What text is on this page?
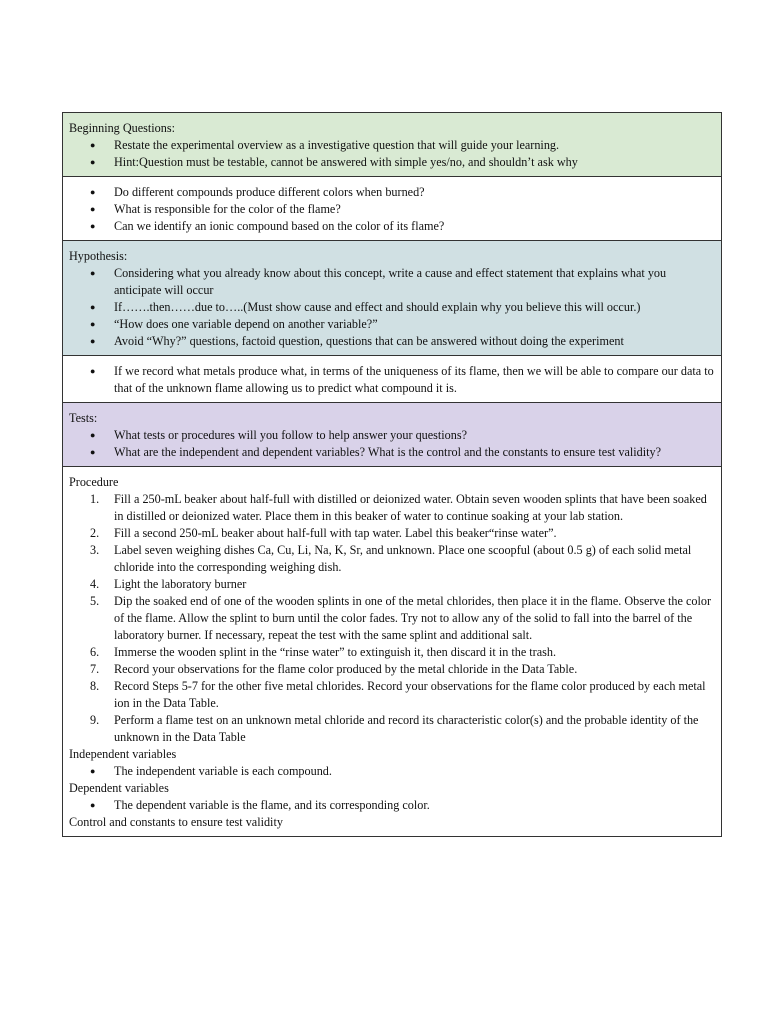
Beginning Questions:

● Restate the experimental overview as a investigative question that will guide your learning.
● Hint:Question must be testable, cannot be answered with simple yes/no, and shouldn’t ask why
● Do different compounds produce different colors when burned?
● What is responsible for the color of the flame?
● Can we identify an ionic compound based on the color of its flame?

Hypothesis:

● Considering what you already know about this concept, write a cause and effect statement that explains what you anticipate will occur
● If…….then……due to…..(Must show cause and effect and should explain why you believe this will occur.)
● “How does one variable depend on another variable?”
● Avoid “Why?” questions, factoid question, questions that can be answered without doing the experiment
● If we record what metals produce what, in terms of the uniqueness of its flame, then we will be able to compare our data to that of the unknown flame allowing us to predict what compound it is.

Tests:

● What tests or procedures will you follow to help answer your questions?
● What are the independent and dependent variables? What is the control and the constants to ensure test validity?

Procedure

1. Fill a 250-mL beaker about half-full with distilled or deionized water. Obtain seven wooden splints that have been soaked in distilled or deionized water. Place them in this beaker of water to continue soaking at your lab station.
2. Fill a second 250-mL beaker about half-full with tap water. Label this beaker“rinse water”.
3. Label seven weighing dishes Ca, Cu, Li, Na, K, Sr, and unknown. Place one scoopful (about 0.5 g) of each solid metal chloride into the corresponding weighing dish.
4. Light the laboratory burner
5. Dip the soaked end of one of the wooden splints in one of the metal chlorides, then place it in the flame. Observe the color of the flame. Allow the splint to burn until the color fades. Try not to allow any of the solid to fall into the barrel of the laboratory burner. If necessary, repeat the test with the same splint and additional salt.
6. Immerse the wooden splint in the “rinse water” to extinguish it, then discard it in the trash.
7. Record your observations for the flame color produced by the metal chloride in the Data Table.
8. Record Steps 5-7 for the other five metal chlorides. Record your observations for the flame color produced by each metal ion in the Data Table.
9. Perform a flame test on an unknown metal chloride and record its characteristic color(s) and the probable identity of the unknown in the Data Table

Independent variables

● The independent variable is each compound.

Dependent variables

● The dependent variable is the flame, and its corresponding color.

Control and constants to ensure test validity
